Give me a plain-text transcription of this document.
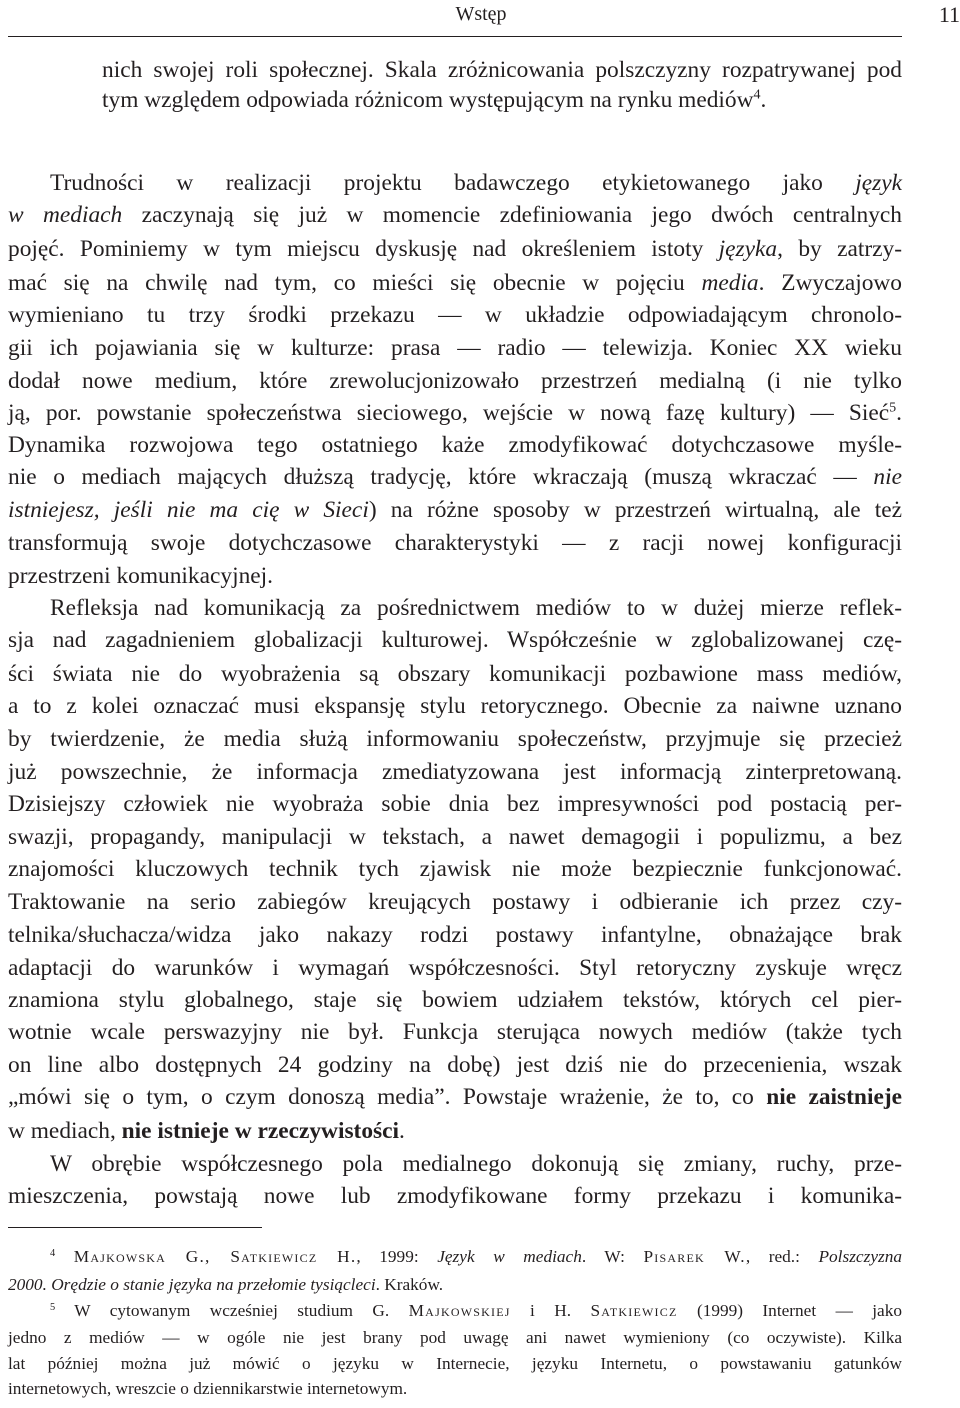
Wstęp	11
nich swojej roli społecznej. Skala zróżnicowania polszczyzny rozpatrywanej pod
tym względem odpowiada różnicom występującym na rynku mediów$^4$.
Trudności w realizacji projektu badawczego etykietowanego jako język
w mediach zaczynają się już w momencie zdefiniowania jego dwóch centralnych
pojęć. Pominiemy w tym miejscu dyskusję nad określeniem istoty języka, by zatrzy-
mać się na chwilę nad tym, co mieści się obecnie w pojęciu media. Zwyczajowo
wymieniano tu trzy środki przekazu — w układzie odpowiadającym chronolo-
gii ich pojawiania się w kulturze: prasa — radio — telewizja. Koniec XX wieku
dodał nowe medium, które zrewolucjonizowało przestrzeń medialną (i nie tylko
ją, por. powstanie społeczeństwa sieciowego, wejście w nową fazę kultury) — Sieć$^5$.
Dynamika rozwojowa tego ostatniego każe zmodyfikować dotychczasowe myśle-
nie o mediach mających dłuższą tradycję, które wkraczają (muszą wkraczać — nie
istniejesz, jeśli nie ma cię w Sieci) na różne sposoby w przestrzeń wirtualną, ale też
transformują swoje dotychczasowe charakterystyki — z racji nowej konfiguracji
przestrzeni komunikacyjnej.
Refleksja nad komunikacją za pośrednictwem mediów to w dużej mierze reflek-
sja nad zagadnieniem globalizacji kulturowej. Współcześnie w zglobalizowanej czę-
ści świata nie do wyobrażenia są obszary komunikacji pozbawione mass mediów,
a to z kolei oznaczać musi ekspansję stylu retorycznego. Obecnie za naiwne uznano
by twierdzenie, że media służą informowaniu społeczeństw, przyjmuje się przecież
już powszechnie, że informacja zmediatyzowana jest informacją zinterpretowaną.
Dzisiejszy człowiek nie wyobraża sobie dnia bez impresywności pod postacią per-
swazji, propagandy, manipulacji w tekstach, a nawet demagogii i populizmu, a bez
znajomości kluczowych technik tych zjawisk nie może bezpiecznie funkcjonować.
Traktowanie na serio zabiegów kreujących postawy i odbieranie ich przez czy-
telnika/słuchacza/widza jako nakazy rodzi postawy infantylne, obnażające brak
adaptacji do warunków i wymagań współczesności. Styl retoryczny zyskuje wręcz
znamiona stylu globalnego, staje się bowiem udziałem tekstów, których cel pier-
wotnie wcale perswazyjny nie był. Funkcja sterująca nowych mediów (także tych
on line albo dostępnych 24 godziny na dobę) jest dziś nie do przecenienia, wszak
„mówi się o tym, o czym donoszą media”. Powstaje wrażenie, że to, co nie zaistnieje
w mediach, nie istnieje w rzeczywistości.
W obrębie współczesnego pola medialnego dokonują się zmiany, ruchy, prze-
mieszczenia, powstają nowe lub zmodyfikowane formy przekazu i komunika-
$^4$ Majkowska G., Satkiewicz H., 1999: Język w mediach. W: Pisarek W., red.: Polszczyzna
2000. Orędzie o stanie języka na przełomie tysiącleci. Kraków.
$^5$ W cytowanym wcześniej studium G. Majkowskiej i H. Satkiewicz (1999) Internet — jako
jedno z mediów — w ogóle nie jest brany pod uwagę ani nawet wymieniony (co oczywiste). Kilka
lat później można już mówić o języku w Internecie, języku Internetu, o powstawaniu gatunków
internetowych, wreszcie o dziennikarstwie internetowym.
